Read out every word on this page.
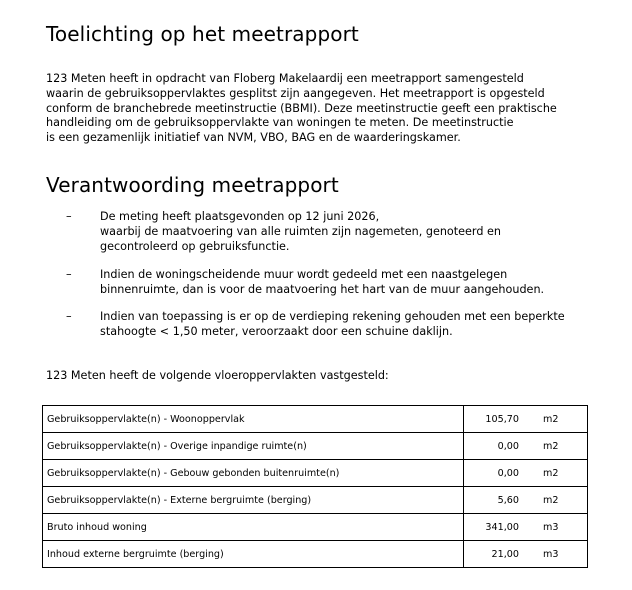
Toelichting op het meetrapport
123 Meten heeft in opdracht van Floberg Makelaardij een meetrapport samengesteld
waarin de gebruiksoppervlaktes gesplitst zijn aangegeven. Het meetrapport is opgesteld
conform de branchebrede meetinstructie (BBMI). Deze meetinstructie geeft een praktische
handleiding om de gebruiksoppervlakte van woningen te meten. De meetinstructie
is een gezamenlijk initiatief van NVM, VBO, BAG en de waarderingskamer.
Verantwoording meetrapport
–	De meting heeft plaatsgevonden op 12 juni 2026,
waarbij de maatvoering van alle ruimten zijn nagemeten, genoteerd en
gecontroleerd op gebruiksfunctie.
–	Indien de woningscheidende muur wordt gedeeld met een naastgelegen
binnenruimte, dan is voor de maatvoering het hart van de muur aangehouden.
–	Indien van toepassing is er op de verdieping rekening gehouden met een beperkte
stahoogte < 1,50 meter, veroorzaakt door een schuine daklijn.
123 Meten heeft de volgende vloeroppervlakten vastgesteld:
Gebruiksoppervlakte(n) - Woonoppervlak	105,70	m2
Gebruiksoppervlakte(n) - Overige inpandige ruimte(n)	0,00	m2
Gebruiksoppervlakte(n) - Gebouw gebonden buitenruimte(n)	0,00	m2
Gebruiksoppervlakte(n) - Externe bergruimte (berging)	5,60	m2
Bruto inhoud woning	341,00	m3
Inhoud externe bergruimte (berging)	21,00	m3
